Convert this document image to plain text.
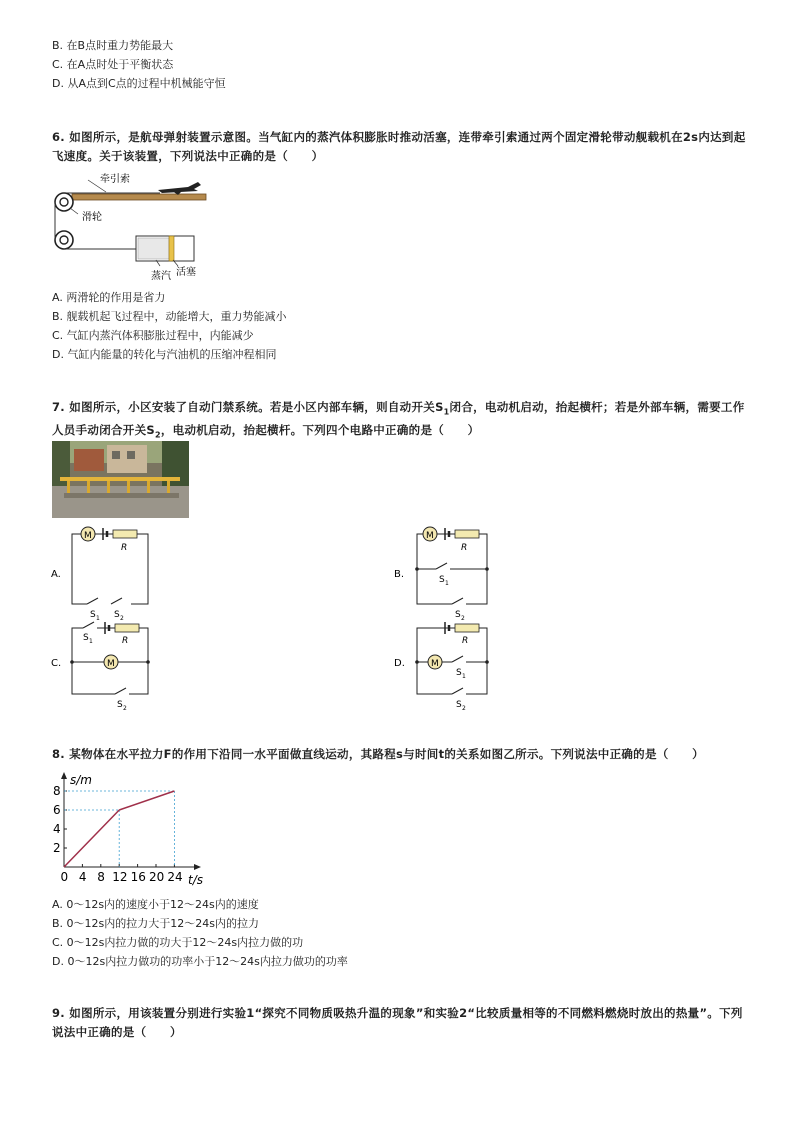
B. 在B点时重力势能最大
C. 在A点时处于平衡状态
D. 从A点到C点的过程中机械能守恒
6. 如图所示，是航母弹射装置示意图。当气缸内的蒸汽体积膨胀时推动活塞，连带牵引索通过两个固定滑轮带动舰载机在2s内达到起飞速度。关于该装置，下列说法中正确的是（　　）
牵引索
滑轮
蒸汽 活塞
A. 两滑轮的作用是省力
B. 舰载机起飞过程中，动能增大，重力势能减小
C. 气缸内蒸汽体积膨胀过程中，内能减少
D. 气缸内能量的转化与汽油机的压缩冲程相同
7. 如图所示，小区安装了自动门禁系统。若是小区内部车辆，则自动开关$S_1$闭合，电动机启动，抬起横杆；若是外部车辆，需要工作人员手动闭合开关$S_2$，电动机启动，抬起横杆。下列四个电路中正确的是（　　）
A.
M
R
S 1 S 2
B.
M
R
S 1
S 2
C.
S 1	R
M
S 2
D.
R
M
S 1
S 2
8. 某物体在水平拉力F的作用下沿同一水平面做直线运动，其路程s与时间t的关系如图乙所示。下列说法中正确的是（　　）
s/m
t/s
0 4 8 12 16 20 24
2
4
6
8
A. 0～12s内的速度小于12～24s内的速度
B. 0～12s内的拉力大于12～24s内的拉力
C. 0～12s内拉力做的功大于12～24s内拉力做的功
D. 0～12s内拉力做功的功率小于12～24s内拉力做功的功率
9. 如图所示，用该装置分别进行实验1“探究不同物质吸热升温的现象”和实验2“比较质量相等的不同燃料燃烧时放出的热量”。下列说法中正确的是（　　）
